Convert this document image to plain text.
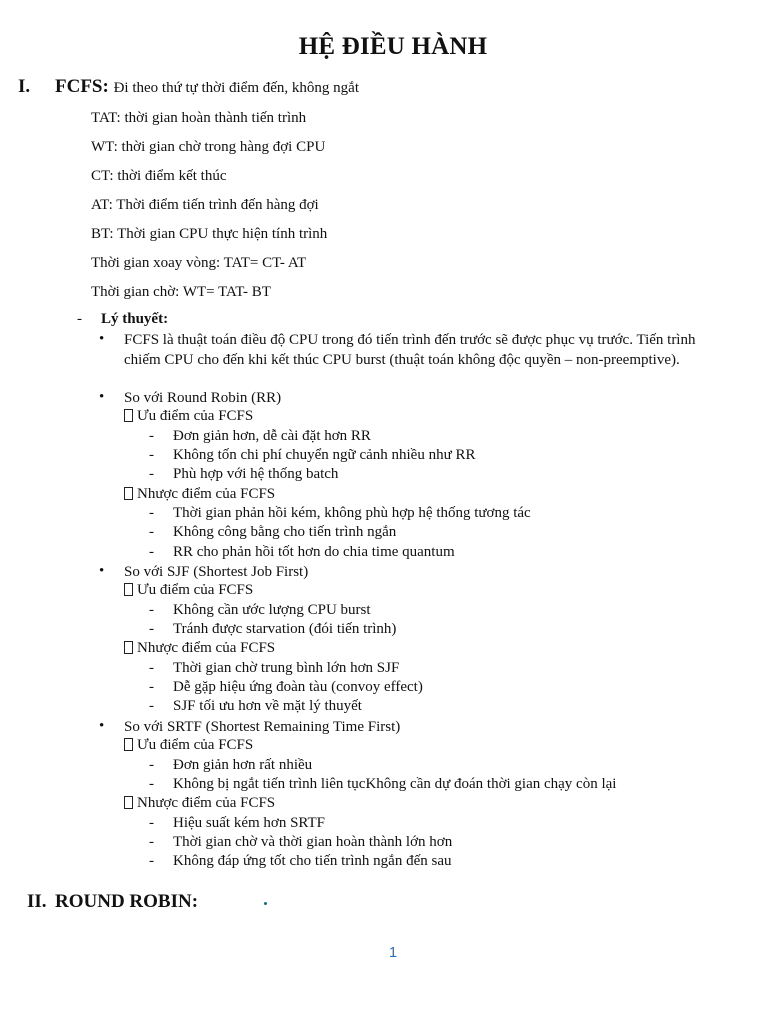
HỆ ĐIỀU HÀNH
I. FCFS: Đi theo thứ tự thời điểm đến, không ngắt
TAT: thời gian hoàn thành tiến trình
WT: thời gian chờ trong hàng đợi CPU
CT: thời điểm kết thúc
AT: Thời điểm tiến trình đến hàng đợi
BT: Thời gian CPU thực hiện tính trình
Thời gian xoay vòng: TAT= CT- AT
Thời gian chờ: WT= TAT- BT
- Lý thuyết:
• FCFS là thuật toán điều độ CPU trong đó tiến trình đến trước sẽ được phục vụ trước. Tiến trình chiếm CPU cho đến khi kết thúc CPU burst (thuật toán không độc quyền – non-preemptive).
• So với Round Robin (RR)
Ưu điểm của FCFS
- Đơn giản hơn, dễ cài đặt hơn RR
- Không tốn chi phí chuyển ngữ cảnh nhiều như RR
- Phù hợp với hệ thống batch
Nhược điểm của FCFS
- Thời gian phản hồi kém, không phù hợp hệ thống tương tác
- Không công bằng cho tiến trình ngắn
- RR cho phản hồi tốt hơn do chia time quantum
• So với SJF (Shortest Job First)
Ưu điểm của FCFS
- Không cần ước lượng CPU burst
- Tránh được starvation (đói tiến trình)
Nhược điểm của FCFS
- Thời gian chờ trung bình lớn hơn SJF
- Dễ gặp hiệu ứng đoàn tàu (convoy effect)
- SJF tối ưu hơn về mặt lý thuyết
• So với SRTF (Shortest Remaining Time First)
Ưu điểm của FCFS
- Đơn giản hơn rất nhiều
- Không bị ngắt tiến trình liên tụcKhông cần dự đoán thời gian chạy còn lại
Nhược điểm của FCFS
- Hiệu suất kém hơn SRTF
- Thời gian chờ và thời gian hoàn thành lớn hơn
- Không đáp ứng tốt cho tiến trình ngắn đến sau
II. ROUND ROBIN:
1
